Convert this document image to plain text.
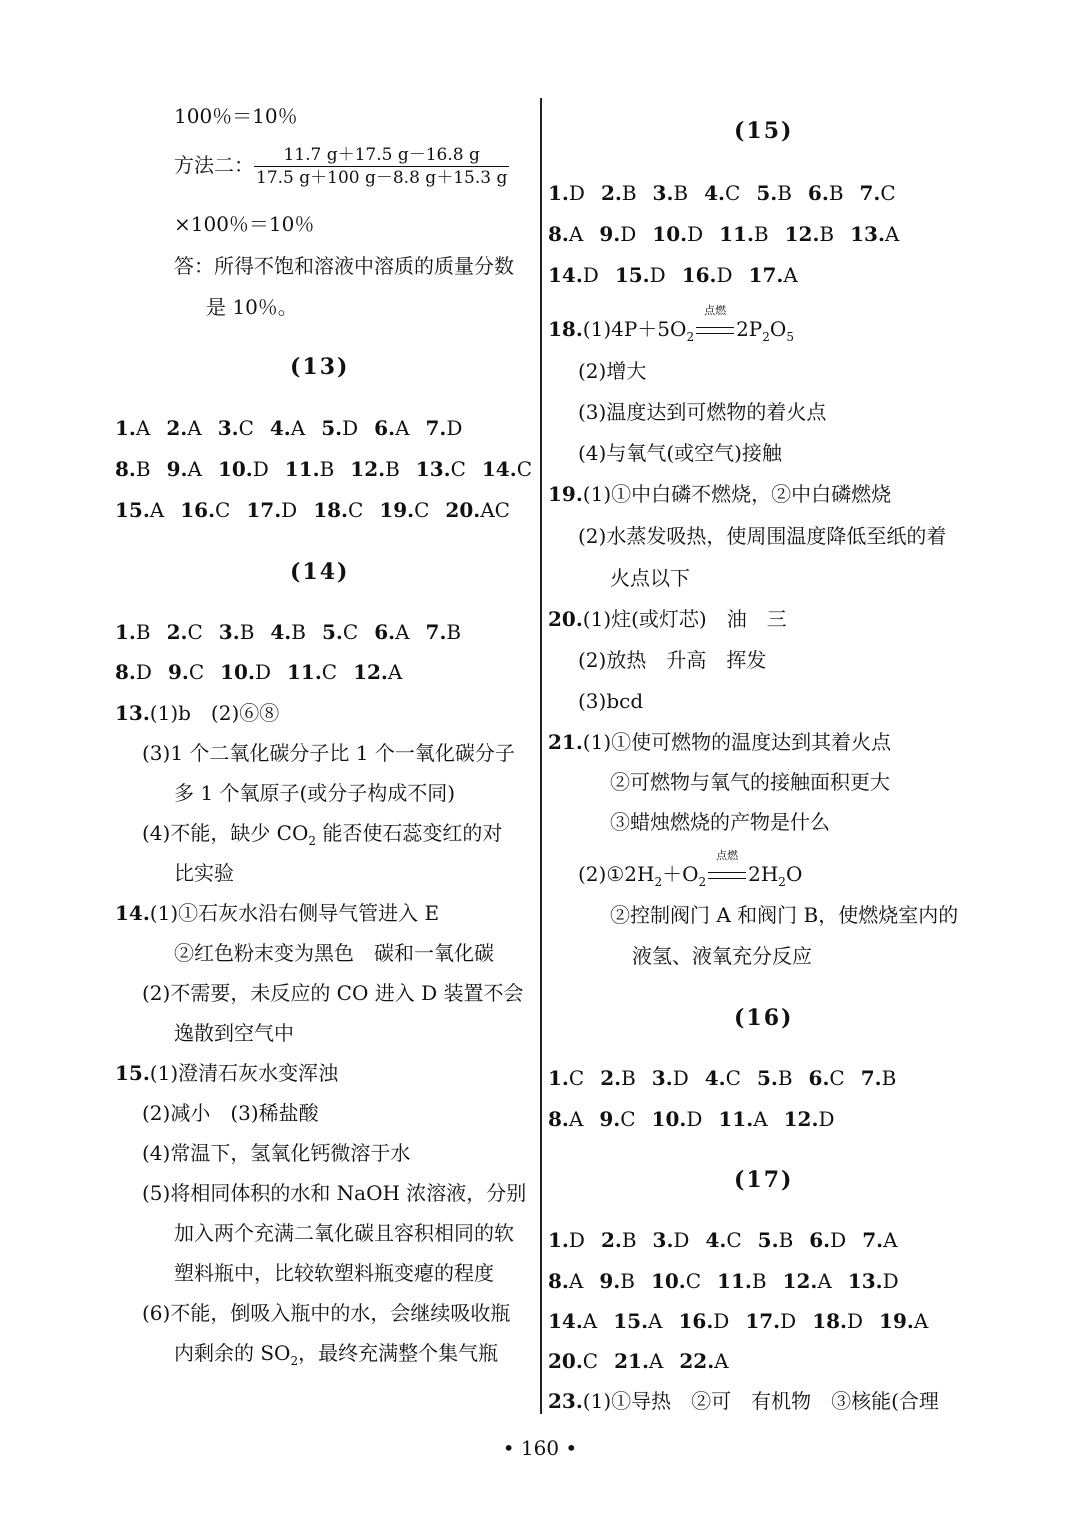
100％＝10％
方法二： $\frac{11.7 g+17.5 g-16.8 g}{17.5 g+100 g-8.8 g+15.3 g}$
×100％＝10％
答：所得不饱和溶液中溶质的质量分数
是 10％。
(13)
1.A 2.A 3.C 4.A 5.D 6.A 7.D
8.B 9.A 10.D 11.B 12.B 13.C 14.C
15.A 16.C 17.D 18.C 19.C 20.AC
(14)
1.B 2.C 3.B 4.B 5.C 6.A 7.B
8.D 9.C 10.D 11.C 12.A
13.(1)b　(2)⑥⑧
(3)1 个二氧化碳分子比 1 个一氧化碳分子
多 1 个氧原子(或分子构成不同)
(4)不能，缺少 $CO_2$ 能否使石蕊变红的对
比实验
14.(1)①石灰水沿右侧导气管进入 E
②红色粉末变为黑色　碳和一氧化碳
(2)不需要，未反应的 CO 进入 D 装置不会
逸散到空气中
15.(1)澄清石灰水变浑浊
(2)减小　(3)稀盐酸
(4)常温下，氢氧化钙微溶于水
(5)将相同体积的水和 NaOH 浓溶液，分别
加入两个充满二氧化碳且容积相同的软
塑料瓶中，比较软塑料瓶变瘪的程度
(6)不能，倒吸入瓶中的水，会继续吸收瓶
内剩余的 $SO_2$，最终充满整个集气瓶
(15)
1.D 2.B 3.B 4.C 5.B 6.B 7.C
8.A 9.D 10.D 11.B 12.B 13.A
14.D 15.D 16.D 17.A
$18.(1)4P+5O_2$
点燃
$2P_2O_5$
(2)增大
(3)温度达到可燃物的着火点
(4)与氧气(或空气)接触
19.(1)①中白磷不燃烧，②中白磷燃烧
(2)水蒸发吸热，使周围温度降低至纸的着
火点以下
20.(1)炷(或灯芯)　油　三
(2)放热　升高　挥发
(3)bcd
21.(1)①使可燃物的温度达到其着火点
②可燃物与氧气的接触面积更大
③蜡烛燃烧的产物是什么
$(2)①2H_2+O_2$
点燃
$2H_2O$
②控制阀门 A 和阀门 B，使燃烧室内的
液氢、液氧充分反应
(16)
1.C 2.B 3.D 4.C 5.B 6.C 7.B
8.A 9.C 10.D 11.A 12.D
(17)
1.D 2.B 3.D 4.C 5.B 6.D 7.A
8.A 9.B 10.C 11.B 12.A 13.D
14.A 15.A 16.D 17.D 18.D 19.A
20.C 21.A 22.A
23.(1)①导热　②可　有机物　③核能(合理
• 160 •
